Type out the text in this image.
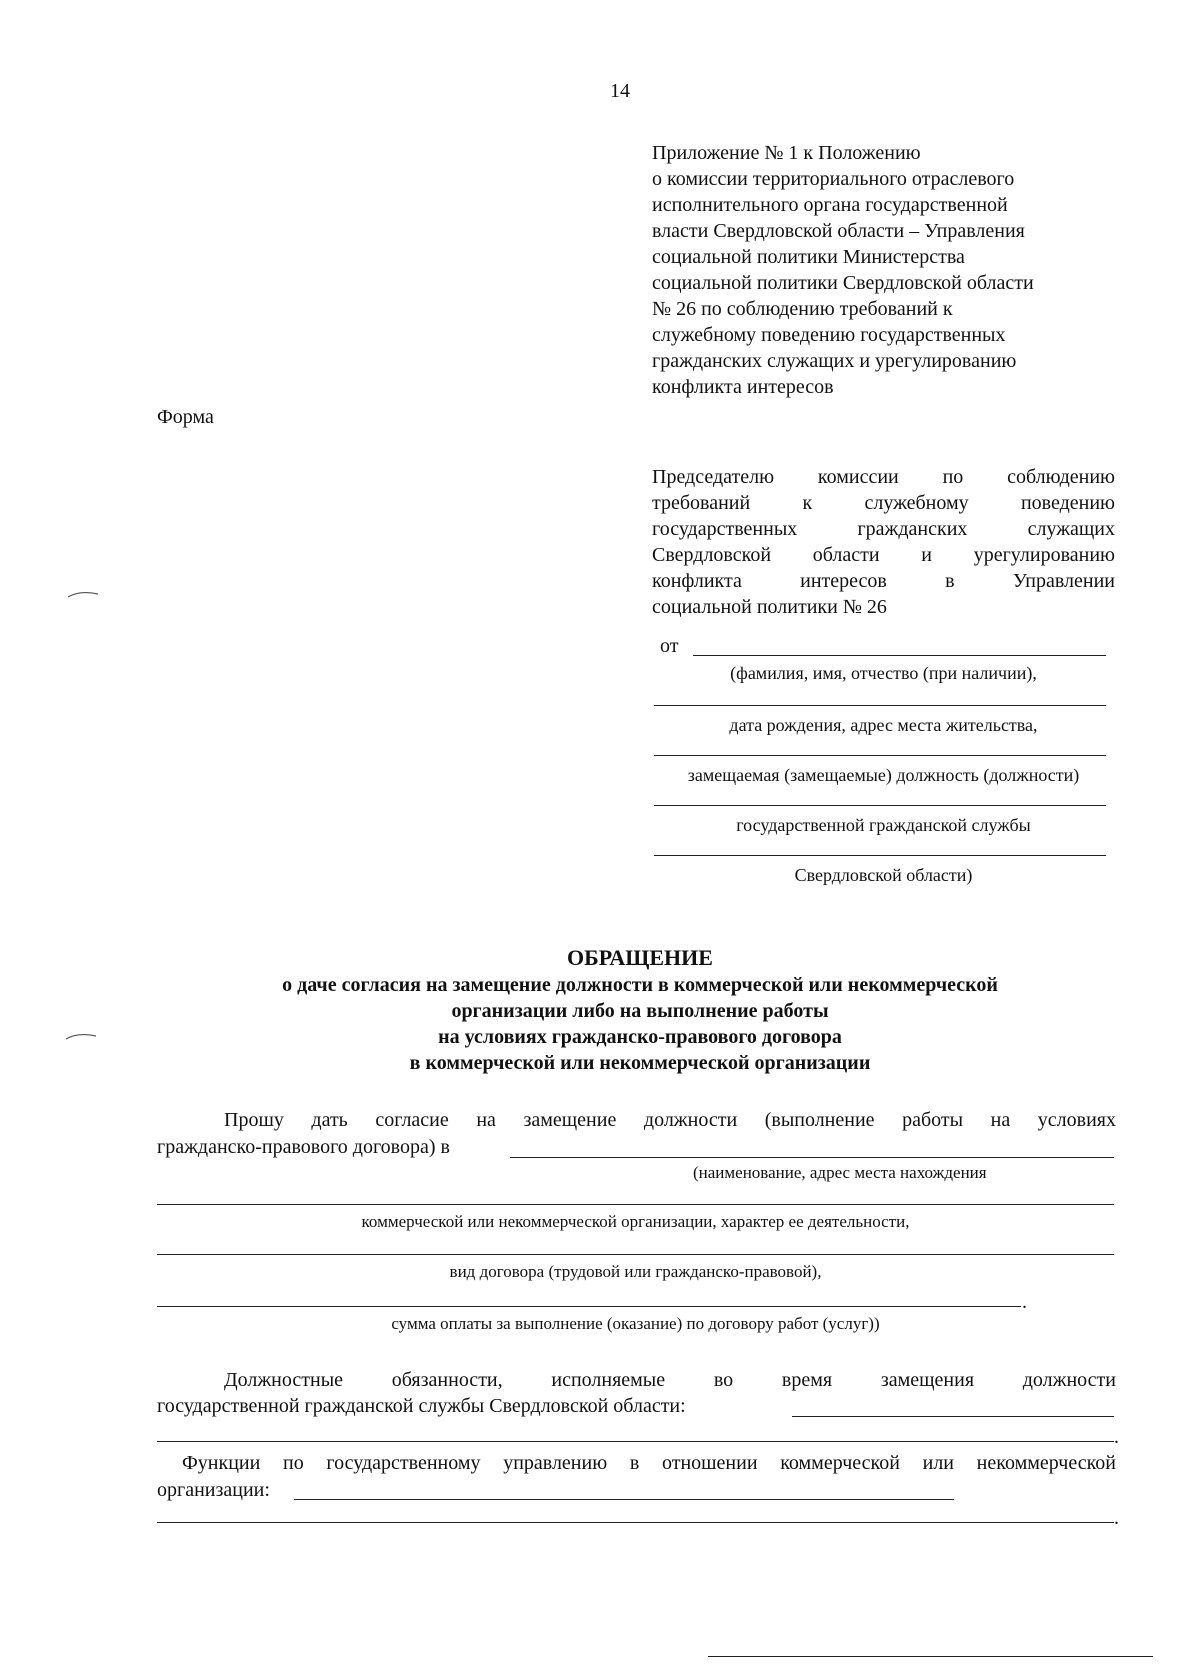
14
Приложение № 1 к Положению
о комиссии территориального отраслевого
исполнительного органа государственной
власти Свердловской области – Управления
социальной политики Министерства
социальной политики Свердловской области
№ 26 по соблюдению требований к
служебному поведению государственных
гражданских служащих и урегулированию
конфликта интересов
Форма
Председателю комиссии по соблюдению
требований к служебному поведению
государственных гражданских служащих
Свердловской области и урегулированию
конфликта интересов в Управлении
социальной политики № 26
от
(фамилия, имя, отчество (при наличии),
дата рождения, адрес места жительства,
замещаемая (замещаемые) должность (должности)
государственной гражданской службы
Свердловской области)
ОБРАЩЕНИЕ
о даче согласия на замещение должности в коммерческой или некоммерческой
организации либо на выполнение работы
на условиях гражданско-правового договора
в коммерческой или некоммерческой организации
Прошу дать согласие на замещение должности (выполнение работы на условиях
гражданско-правового договора) в
(наименование, адрес места нахождения
коммерческой или некоммерческой организации, характер ее деятельности,
вид договора (трудовой или гражданско-правовой),
.
сумма оплаты за выполнение (оказание) по договору работ (услуг))
Должностные обязанности, исполняемые во время замещения должности
государственной гражданской службы Свердловской области:
.
Функции по государственному управлению в отношении коммерческой или некоммерческой
организации:
.
